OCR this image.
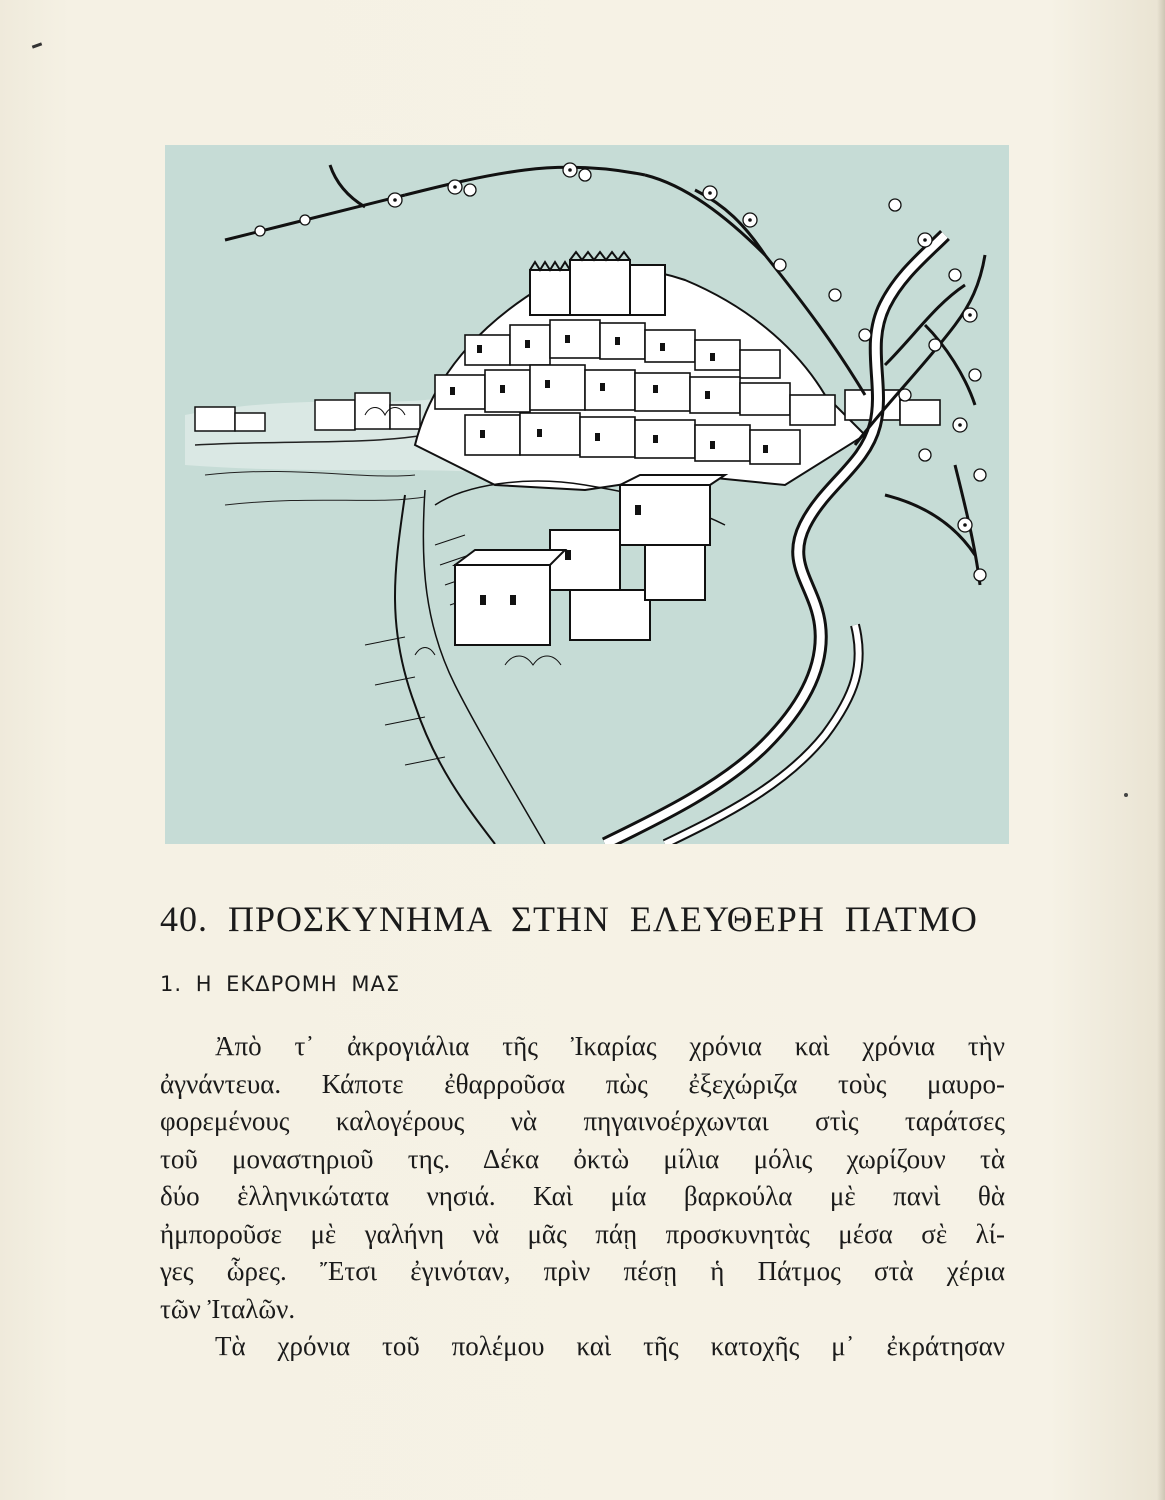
40. ΠΡΟΣΚΥΝΗΜΑ ΣΤΗΝ ΕΛΕΥΘΕΡΗ ΠΑΤΜΟ
1. Η ΕΚΔΡΟΜΗ ΜΑΣ
Ἀπὸ τ᾽ ἀκρογιάλια τῆς Ἰκαρίας χρόνια καὶ χρόνια τὴν
ἀγνάντευα. Κάποτε ἐθαρροῦσα πὼς ἐξεχώριζα τοὺς μαυρο-
φορεμένους καλογέρους νὰ πηγαινοέρχωνται στὶς ταράτσες
τοῦ μοναστηριοῦ της. Δέκα ὀκτὼ μίλια μόλις χωρίζουν τὰ
δύο ἑλληνικώτατα νησιά. Καὶ μία βαρκούλα μὲ πανὶ θὰ
ἠμποροῦσε μὲ γαλήνη νὰ μᾶς πάῃ προσκυνητὰς μέσα σὲ λί-
γες ὧρες. Ἔτσι ἐγινόταν, πρὶν πέσῃ ἡ Πάτμος στὰ χέρια
τῶν Ἰταλῶν.
Τὰ χρόνια τοῦ πολέμου καὶ τῆς κατοχῆς μ᾽ ἐκράτησαν
